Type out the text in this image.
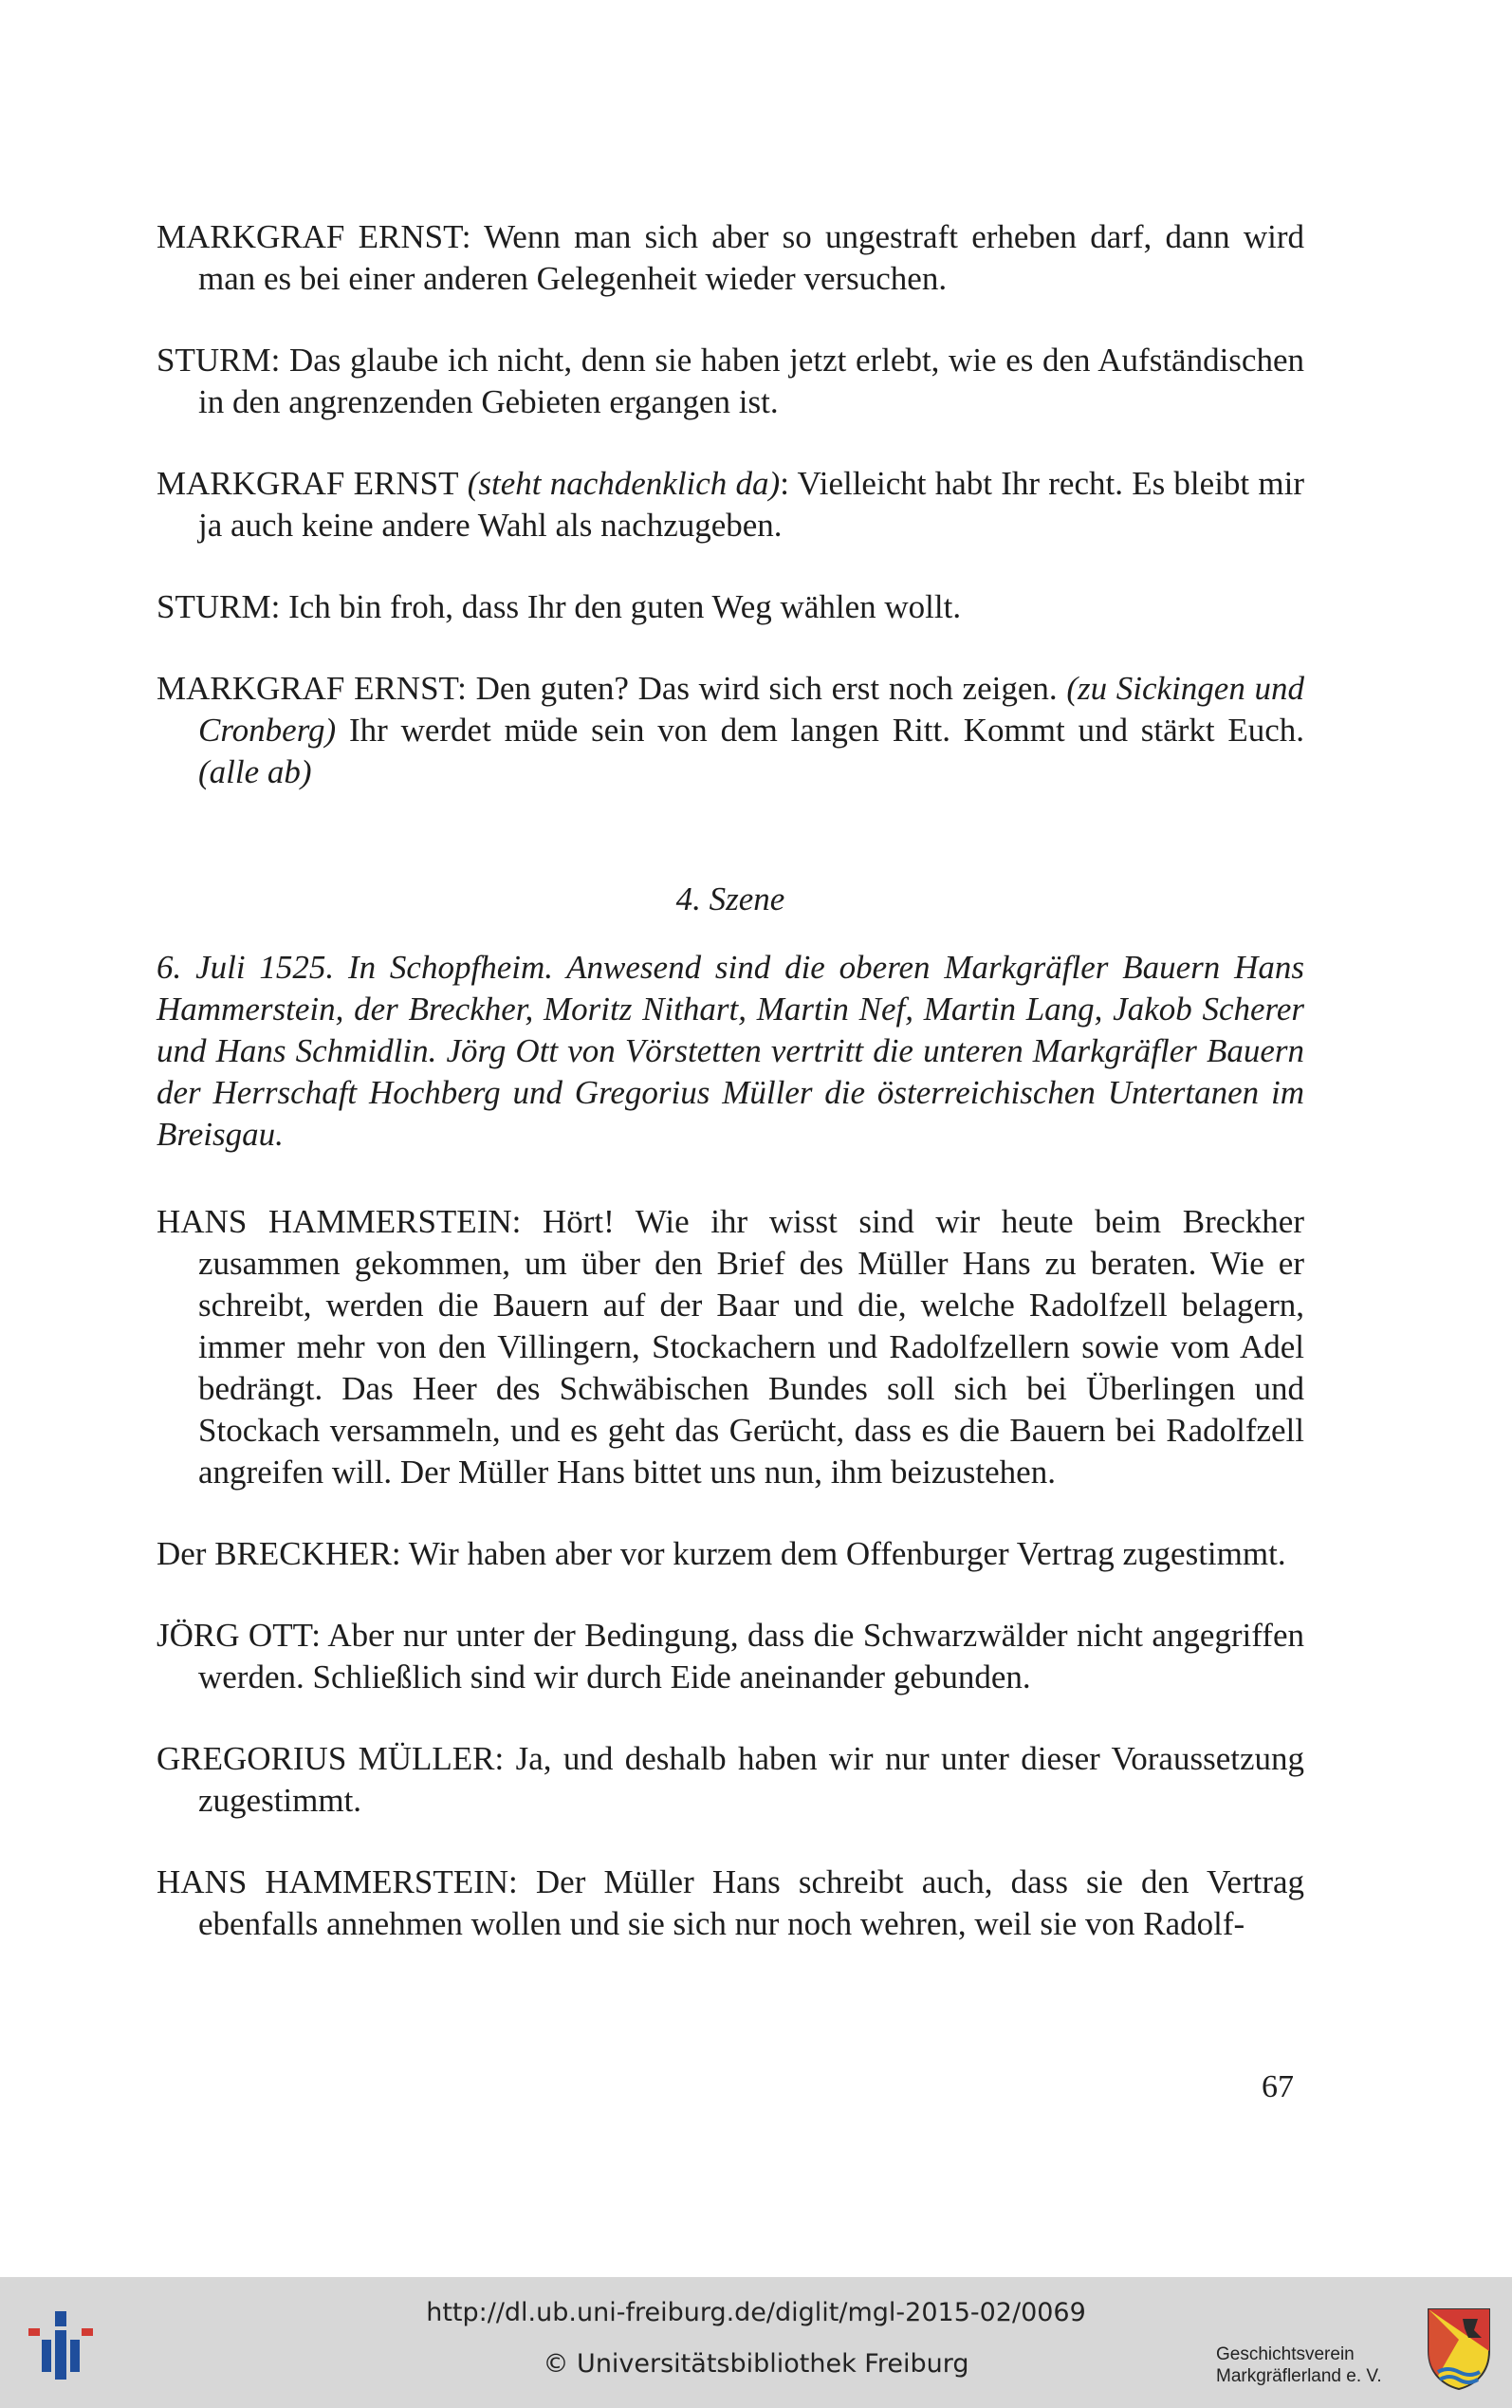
MARKGRAF ERNST: Wenn man sich aber so ungestraft erheben darf, dann wird man es bei einer anderen Gelegenheit wieder versuchen.

STURM: Das glaube ich nicht, denn sie haben jetzt erlebt, wie es den Aufständischen in den angrenzenden Gebieten ergangen ist.

MARKGRAF ERNST (steht nachdenklich da): Vielleicht habt Ihr recht. Es bleibt mir ja auch keine andere Wahl als nachzugeben.

STURM: Ich bin froh, dass Ihr den guten Weg wählen wollt.

MARKGRAF ERNST: Den guten? Das wird sich erst noch zeigen. (zu Sickingen und Cronberg) Ihr werdet müde sein von dem langen Ritt. Kommt und stärkt Euch. (alle ab)

4. Szene

6. Juli 1525. In Schopfheim. Anwesend sind die oberen Markgräfler Bauern Hans Hammerstein, der Breckher, Moritz Nithart, Martin Nef, Martin Lang, Jakob Scherer und Hans Schmidlin. Jörg Ott von Vörstetten vertritt die unteren Markgräfler Bauern der Herrschaft Hochberg und Gregorius Müller die österreichischen Untertanen im Breisgau.

HANS HAMMERSTEIN: Hört! Wie ihr wisst sind wir heute beim Breckher zusammen gekommen, um über den Brief des Müller Hans zu beraten. Wie er schreibt, werden die Bauern auf der Baar und die, welche Radolfzell belagern, immer mehr von den Villingern, Stockachern und Radolfzellern sowie vom Adel bedrängt. Das Heer des Schwäbischen Bundes soll sich bei Überlingen und Stockach versammeln, und es geht das Gerücht, dass es die Bauern bei Radolfzell angreifen will. Der Müller Hans bittet uns nun, ihm beizustehen.

Der BRECKHER: Wir haben aber vor kurzem dem Offenburger Vertrag zugestimmt.

JÖRG OTT: Aber nur unter der Bedingung, dass die Schwarzwälder nicht angegriffen werden. Schließlich sind wir durch Eide aneinander gebunden.

GREGORIUS MÜLLER: Ja, und deshalb haben wir nur unter dieser Voraussetzung zugestimmt.

HANS HAMMERSTEIN: Der Müller Hans schreibt auch, dass sie den Vertrag ebenfalls annehmen wollen und sie sich nur noch wehren, weil sie von Radolf-

67
http://dl.ub.uni-freiburg.de/diglit/mgl-2015-02/0069
© Universitätsbibliothek Freiburg	Geschichtsverein
Markgräflerland e. V.
